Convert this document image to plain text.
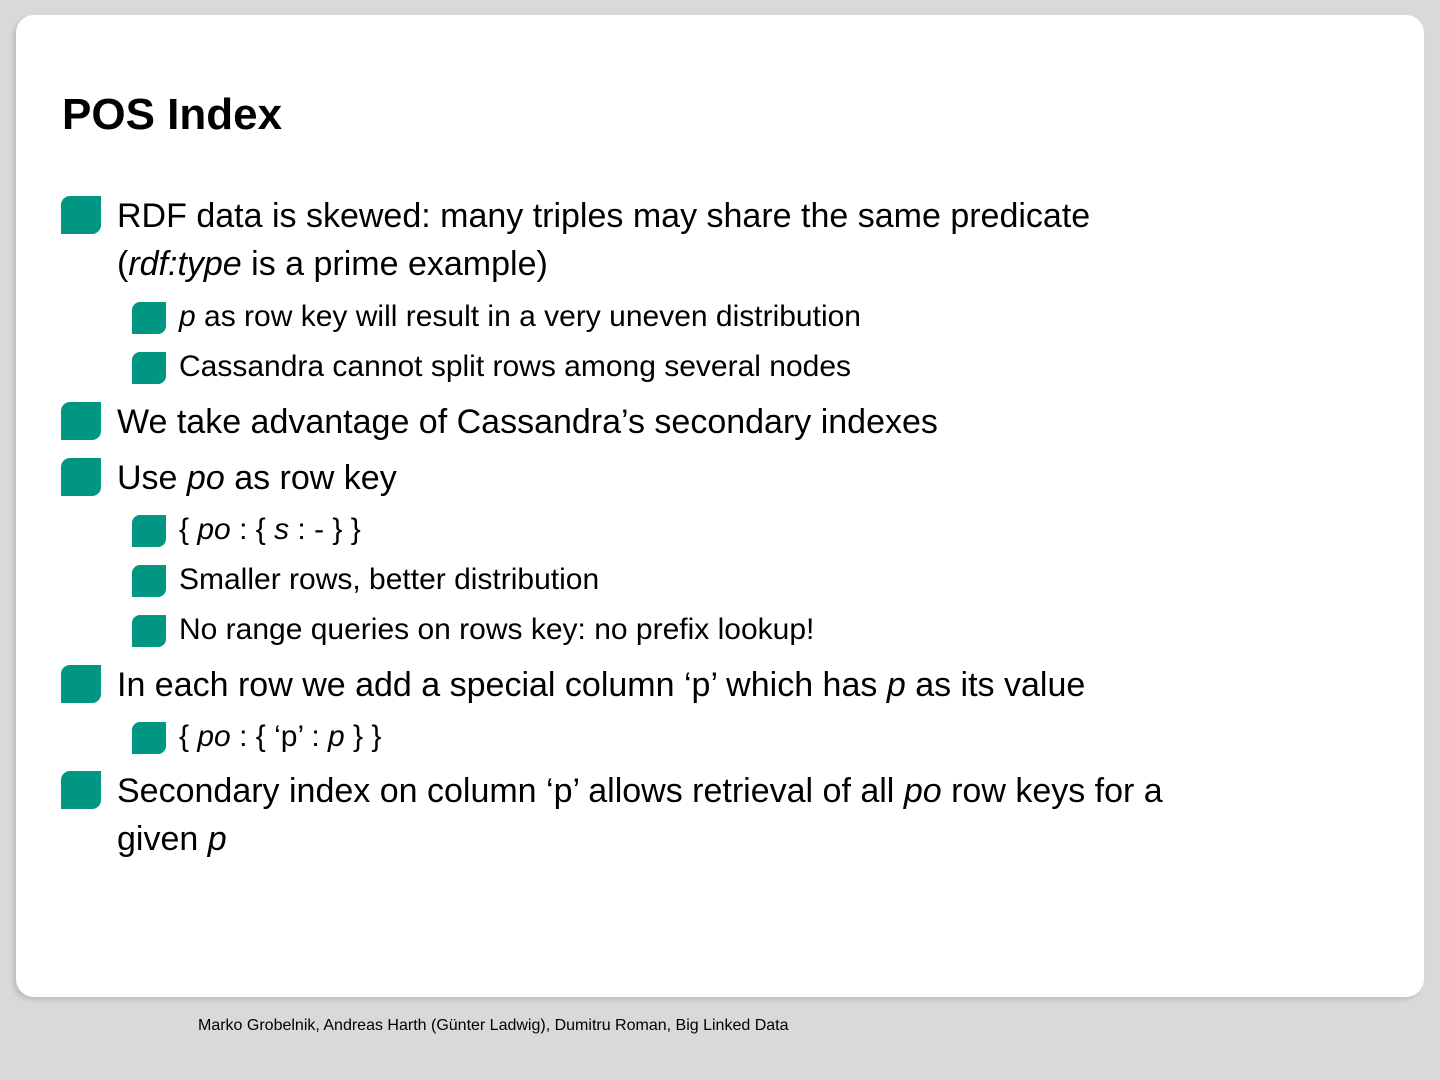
POS Index
RDF data is skewed: many triples may share the same predicate
(rdf:type is a prime example)
p as row key will result in a very uneven distribution
Cassandra cannot split rows among several nodes
We take advantage of Cassandra’s secondary indexes
Use po as row key
{ po : { s : - } }
Smaller rows, better distribution
No range queries on rows key: no prefix lookup!
In each row we add a special column ‘p’ which has p as its value
{ po : { ‘p’ : p } }
Secondary index on column ‘p’ allows retrieval of all po row keys for a
given p
Marko Grobelnik, Andreas Harth (Günter Ladwig), Dumitru Roman, Big Linked Data
